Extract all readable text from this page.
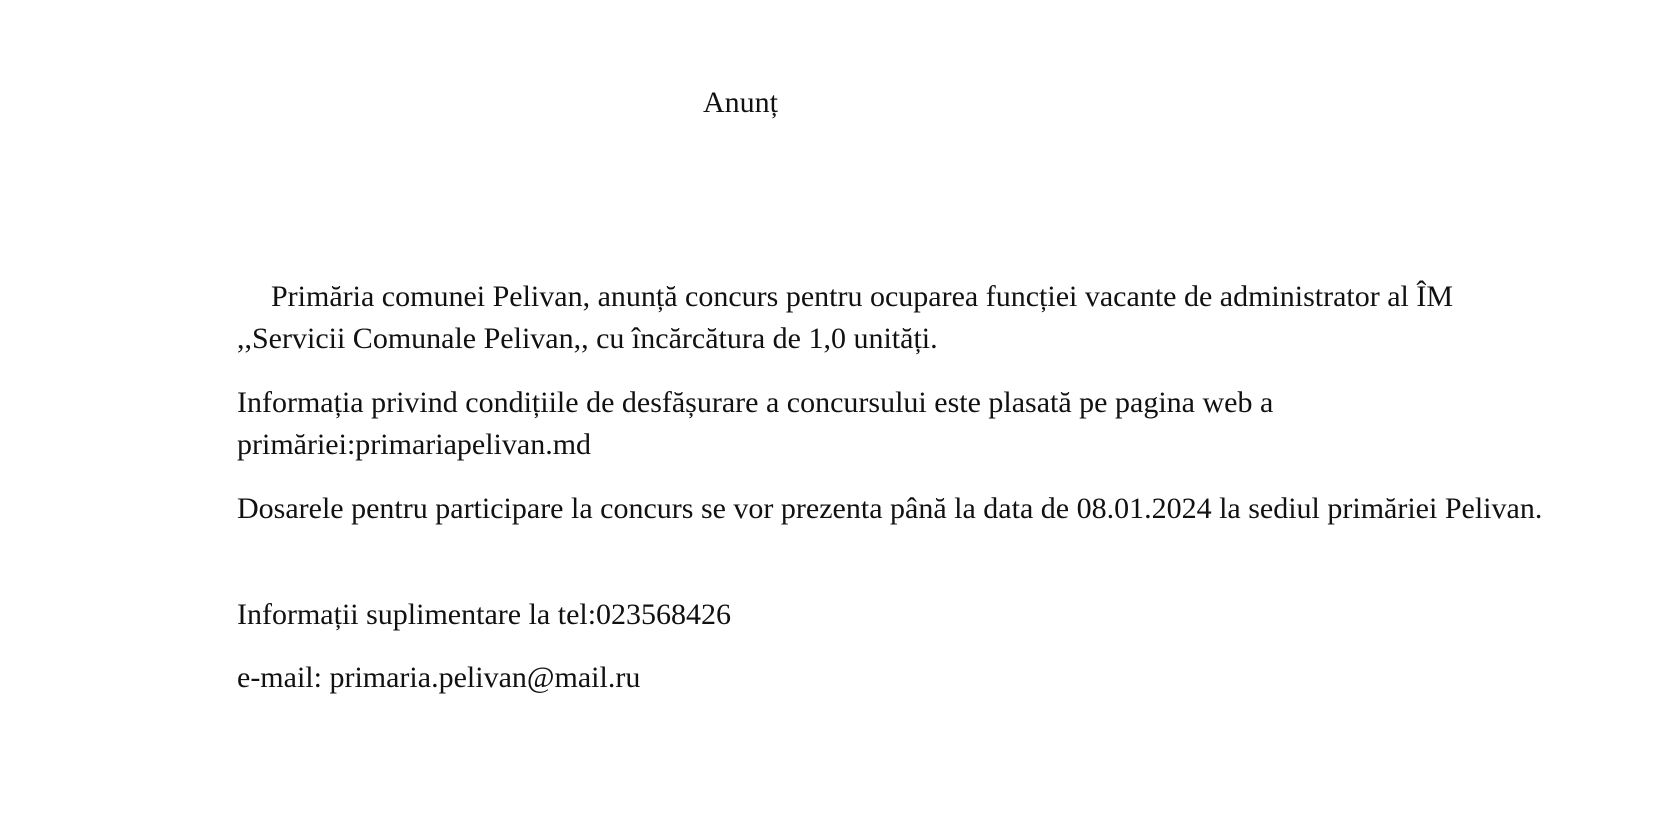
Anunț

Primăria comunei Pelivan, anunță concurs pentru ocuparea funcției vacante de administrator al ÎM ,,Servicii Comunale Pelivan,, cu încărcătura de 1,0 unități.

Informația privind condițiile de desfășurare a concursului este plasată pe pagina web a primăriei:primariapelivan.md

Dosarele pentru participare la concurs se vor prezenta până la data de 08.01.2024 la sediul primăriei Pelivan.

Informații suplimentare la tel:023568426

e-mail: primaria.pelivan@mail.ru
